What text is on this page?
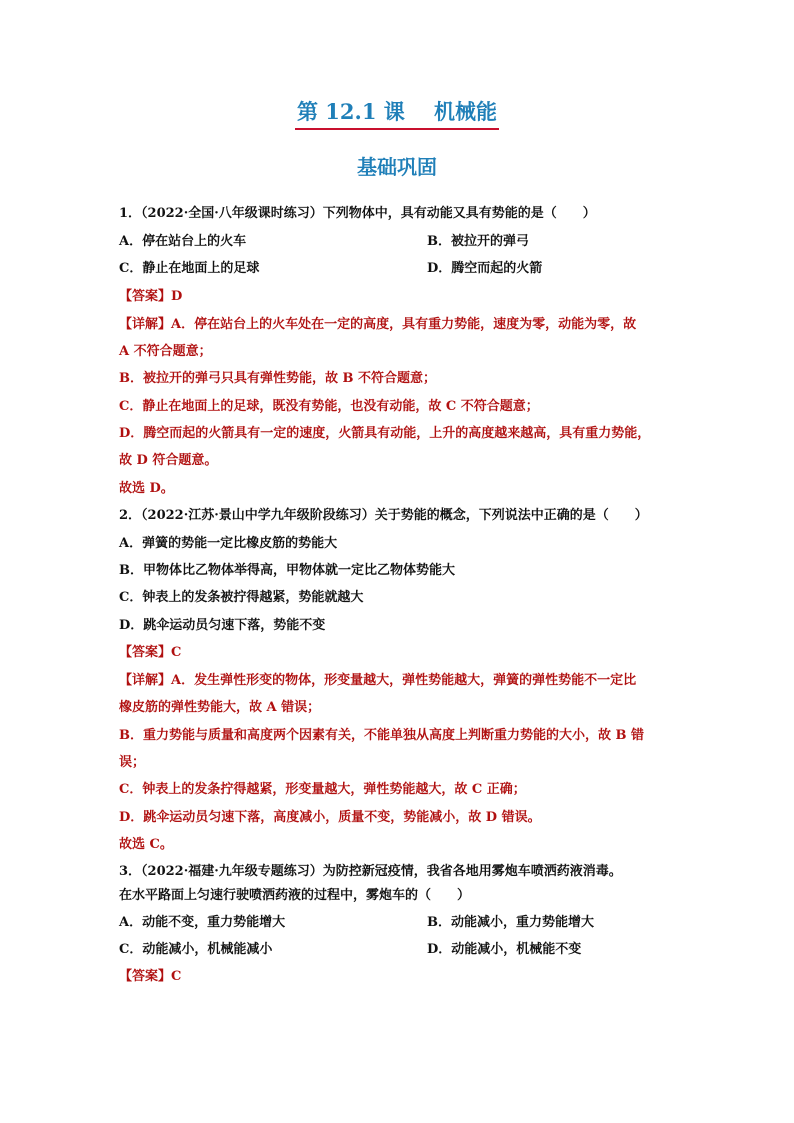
第 12.1 课    机械能
基础巩固
1．（2022·全国·八年级课时练习）下列物体中，具有动能又具有势能的是（　　）
A．停在站台上的火车	B．被拉开的弹弓
C．静止在地面上的足球	D．腾空而起的火箭
【答案】D
【详解】A．停在站台上的火车处在一定的高度，具有重力势能，速度为零，动能为零，故
A 不符合题意；
B．被拉开的弹弓只具有弹性势能，故 B 不符合题意；
C．静止在地面上的足球，既没有势能，也没有动能，故 C 不符合题意；
D．腾空而起的火箭具有一定的速度，火箭具有动能，上升的高度越来越高，具有重力势能，
故 D 符合题意。
故选 D。
2．（2022·江苏·景山中学九年级阶段练习）关于势能的概念，下列说法中正确的是（　　）
A．弹簧的势能一定比橡皮筋的势能大
B．甲物体比乙物体举得高，甲物体就一定比乙物体势能大
C．钟表上的发条被拧得越紧，势能就越大
D．跳伞运动员匀速下落，势能不变
【答案】C
【详解】A．发生弹性形变的物体，形变量越大，弹性势能越大，弹簧的弹性势能不一定比
橡皮筋的弹性势能大，故 A 错误；
B．重力势能与质量和高度两个因素有关，不能单独从高度上判断重力势能的大小，故 B 错
误；
C．钟表上的发条拧得越紧，形变量越大，弹性势能越大，故 C 正确；
D．跳伞运动员匀速下落，高度减小，质量不变，势能减小，故 D 错误。
故选 C。
3．（2022·福建·九年级专题练习）为防控新冠疫情，我省各地用雾炮车喷洒药液消毒。
在水平路面上匀速行驶喷洒药液的过程中，雾炮车的（　　）
A．动能不变，重力势能增大	B．动能减小，重力势能增大
C．动能减小，机械能减小	D．动能减小，机械能不变
【答案】C
